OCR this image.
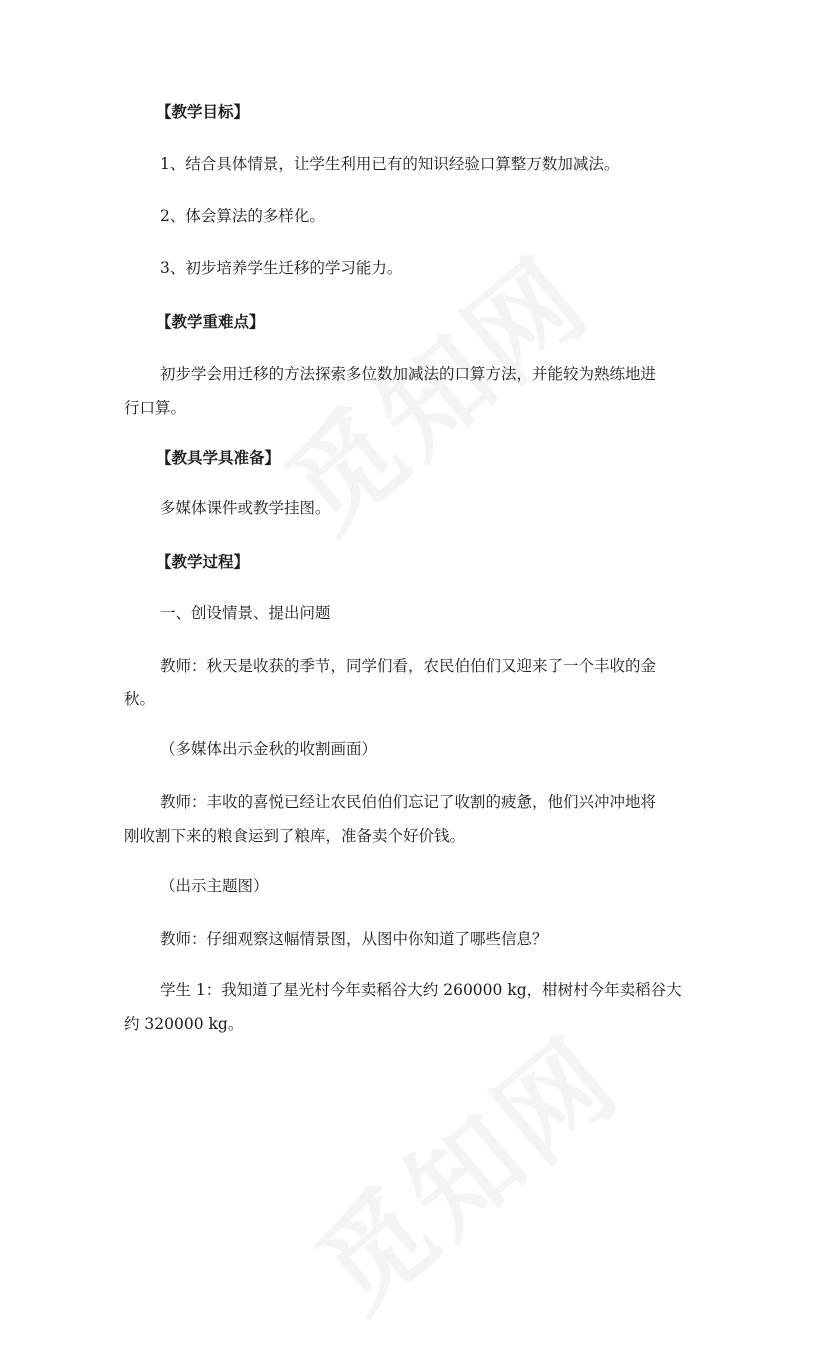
【教学目标】
1、结合具体情景，让学生利用已有的知识经验口算整万数加减法。
2、体会算法的多样化。
3、初步培养学生迁移的学习能力。
【教学重难点】
初步学会用迁移的方法探索多位数加减法的口算方法，并能较为熟练地进
行口算。
【教具学具准备】
多媒体课件或教学挂图。
【教学过程】
一、创设情景、提出问题
教师：秋天是收获的季节，同学们看，农民伯伯们又迎来了一个丰收的金
秋。
（多媒体出示金秋的收割画面）
教师：丰收的喜悦已经让农民伯伯们忘记了收割的疲惫，他们兴冲冲地将
刚收割下来的粮食运到了粮库，准备卖个好价钱。
（出示主题图）
教师：仔细观察这幅情景图，从图中你知道了哪些信息？
学生 1：我知道了星光村今年卖稻谷大约 260000 kg，柑树村今年卖稻谷大
约 320000 kg。
